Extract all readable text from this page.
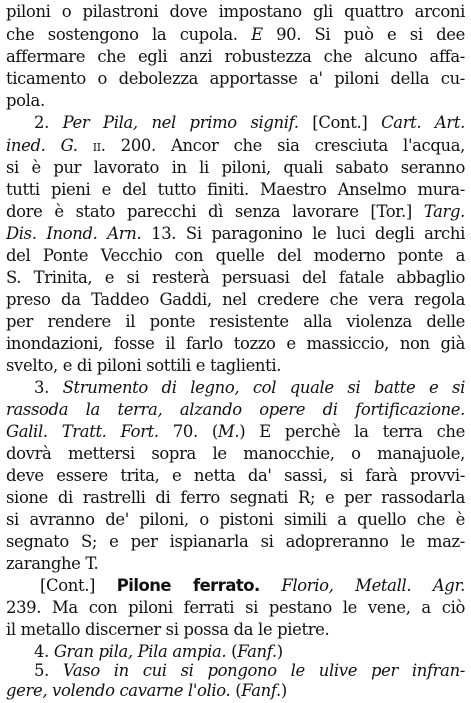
piloni o pilastroni dove impostano gli quattro arconi
che sostengono la cupola. E 90. Si può e si dee
affermare che egli anzi robustezza che alcuno affa-
ticamento o debolezza apportasse a' piloni della cu-
pola.
2. Per Pila, nel primo signif. [Cont.] Cart. Art.
ined. G. ii. 200. Ancor che sia cresciuta l'acqua,
si è pur lavorato in li piloni, quali sabato seranno
tutti pieni e del tutto finiti. Maestro Anselmo mura-
dore è stato parecchi dì senza lavorare [Tor.] Targ.
Dis. Inond. Arn. 13. Si paragonino le luci degli archi
del Ponte Vecchio con quelle del moderno ponte a
S. Trinita, e si resterà persuasi del fatale abbaglio
preso da Taddeo Gaddi, nel credere che vera regola
per rendere il ponte resistente alla violenza delle
inondazioni, fosse il farlo tozzo e massiccio, non già
svelto, e di piloni sottili e taglienti.
3. Strumento di legno, col quale si batte e si
rassoda la terra, alzando opere di fortificazione.
Galil. Tratt. Fort. 70. (M.) E perchè la terra che
dovrà mettersi sopra le manocchie, o manajuole,
deve essere trita, e netta da' sassi, si farà provvi-
sione di rastrelli di ferro segnati R; e per rassodarla
si avranno de' piloni, o pistoni simili a quello che è
segnato S; e per ispianarla si adopreranno le maz-
zaranghe T.
[Cont.] Pilone ferrato. Florio, Metall. Agr.
239. Ma con piloni ferrati si pestano le vene, a ciò
il metallo discerner si possa da le pietre.
4. Gran pila, Pila ampia. (Fanf.)
5. Vaso in cui si pongono le ulive per infran-
gere, volendo cavarne l'olio. (Fanf.)
